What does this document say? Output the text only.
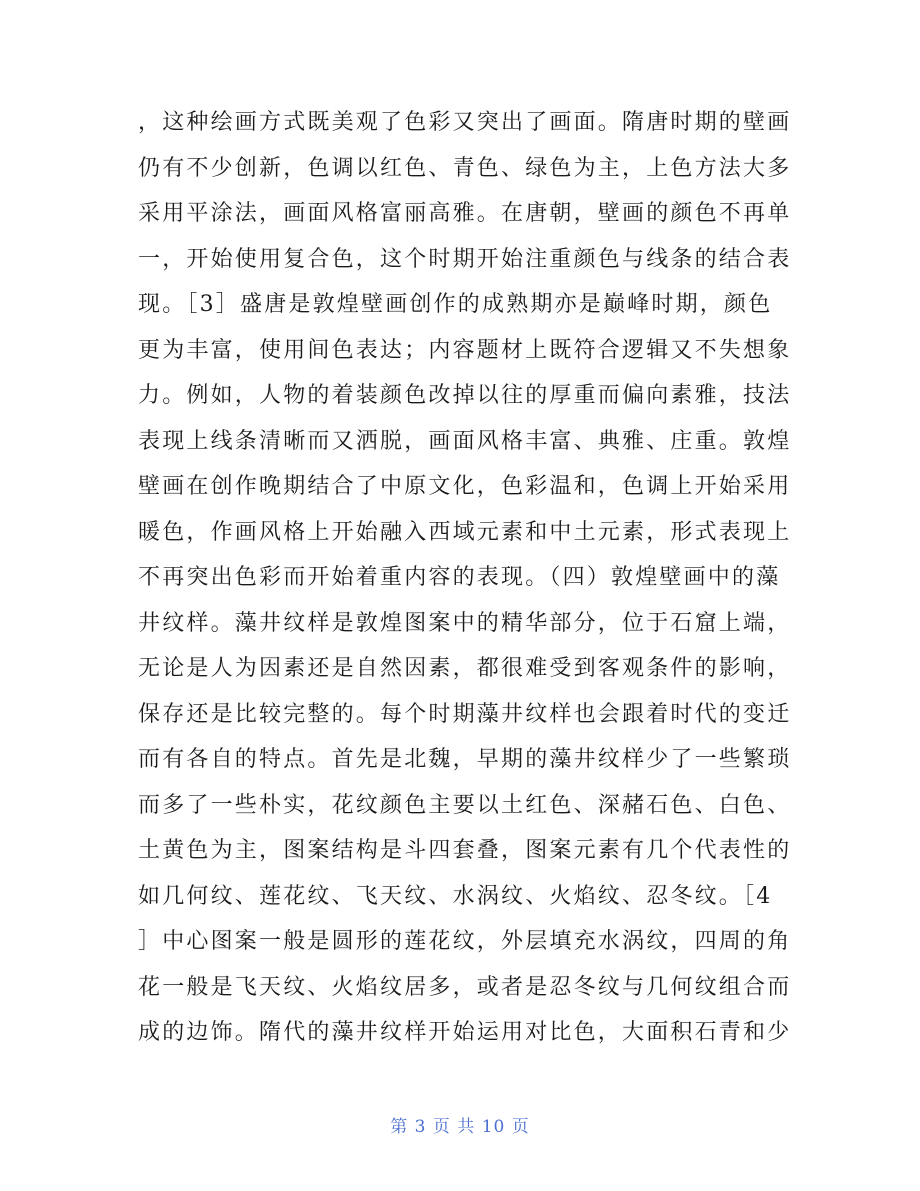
，这种绘画方式既美观了色彩又突出了画面。隋唐时期的壁画
仍有不少创新，色调以红色、青色、绿色为主，上色方法大多
采用平涂法，画面风格富丽高雅。在唐朝，壁画的颜色不再单
一，开始使用复合色，这个时期开始注重颜色与线条的结合表
现。［3］盛唐是敦煌壁画创作的成熟期亦是巅峰时期，颜色
更为丰富，使用间色表达；内容题材上既符合逻辑又不失想象
力。例如，人物的着装颜色改掉以往的厚重而偏向素雅，技法
表现上线条清晰而又洒脱，画面风格丰富、典雅、庄重。敦煌
壁画在创作晚期结合了中原文化，色彩温和，色调上开始采用
暖色，作画风格上开始融入西域元素和中土元素，形式表现上
不再突出色彩而开始着重内容的表现。（四）敦煌壁画中的藻
井纹样。藻井纹样是敦煌图案中的精华部分，位于石窟上端，
无论是人为因素还是自然因素，都很难受到客观条件的影响，
保存还是比较完整的。每个时期藻井纹样也会跟着时代的变迁
而有各自的特点。首先是北魏，早期的藻井纹样少了一些繁琐
而多了一些朴实，花纹颜色主要以土红色、深赭石色、白色、
土黄色为主，图案结构是斗四套叠，图案元素有几个代表性的
如几何纹、莲花纹、飞天纹、水涡纹、火焰纹、忍冬纹。［4
］中心图案一般是圆形的莲花纹，外层填充水涡纹，四周的角
花一般是飞天纹、火焰纹居多，或者是忍冬纹与几何纹组合而
成的边饰。隋代的藻井纹样开始运用对比色，大面积石青和少
第 3 页 共 10 页
